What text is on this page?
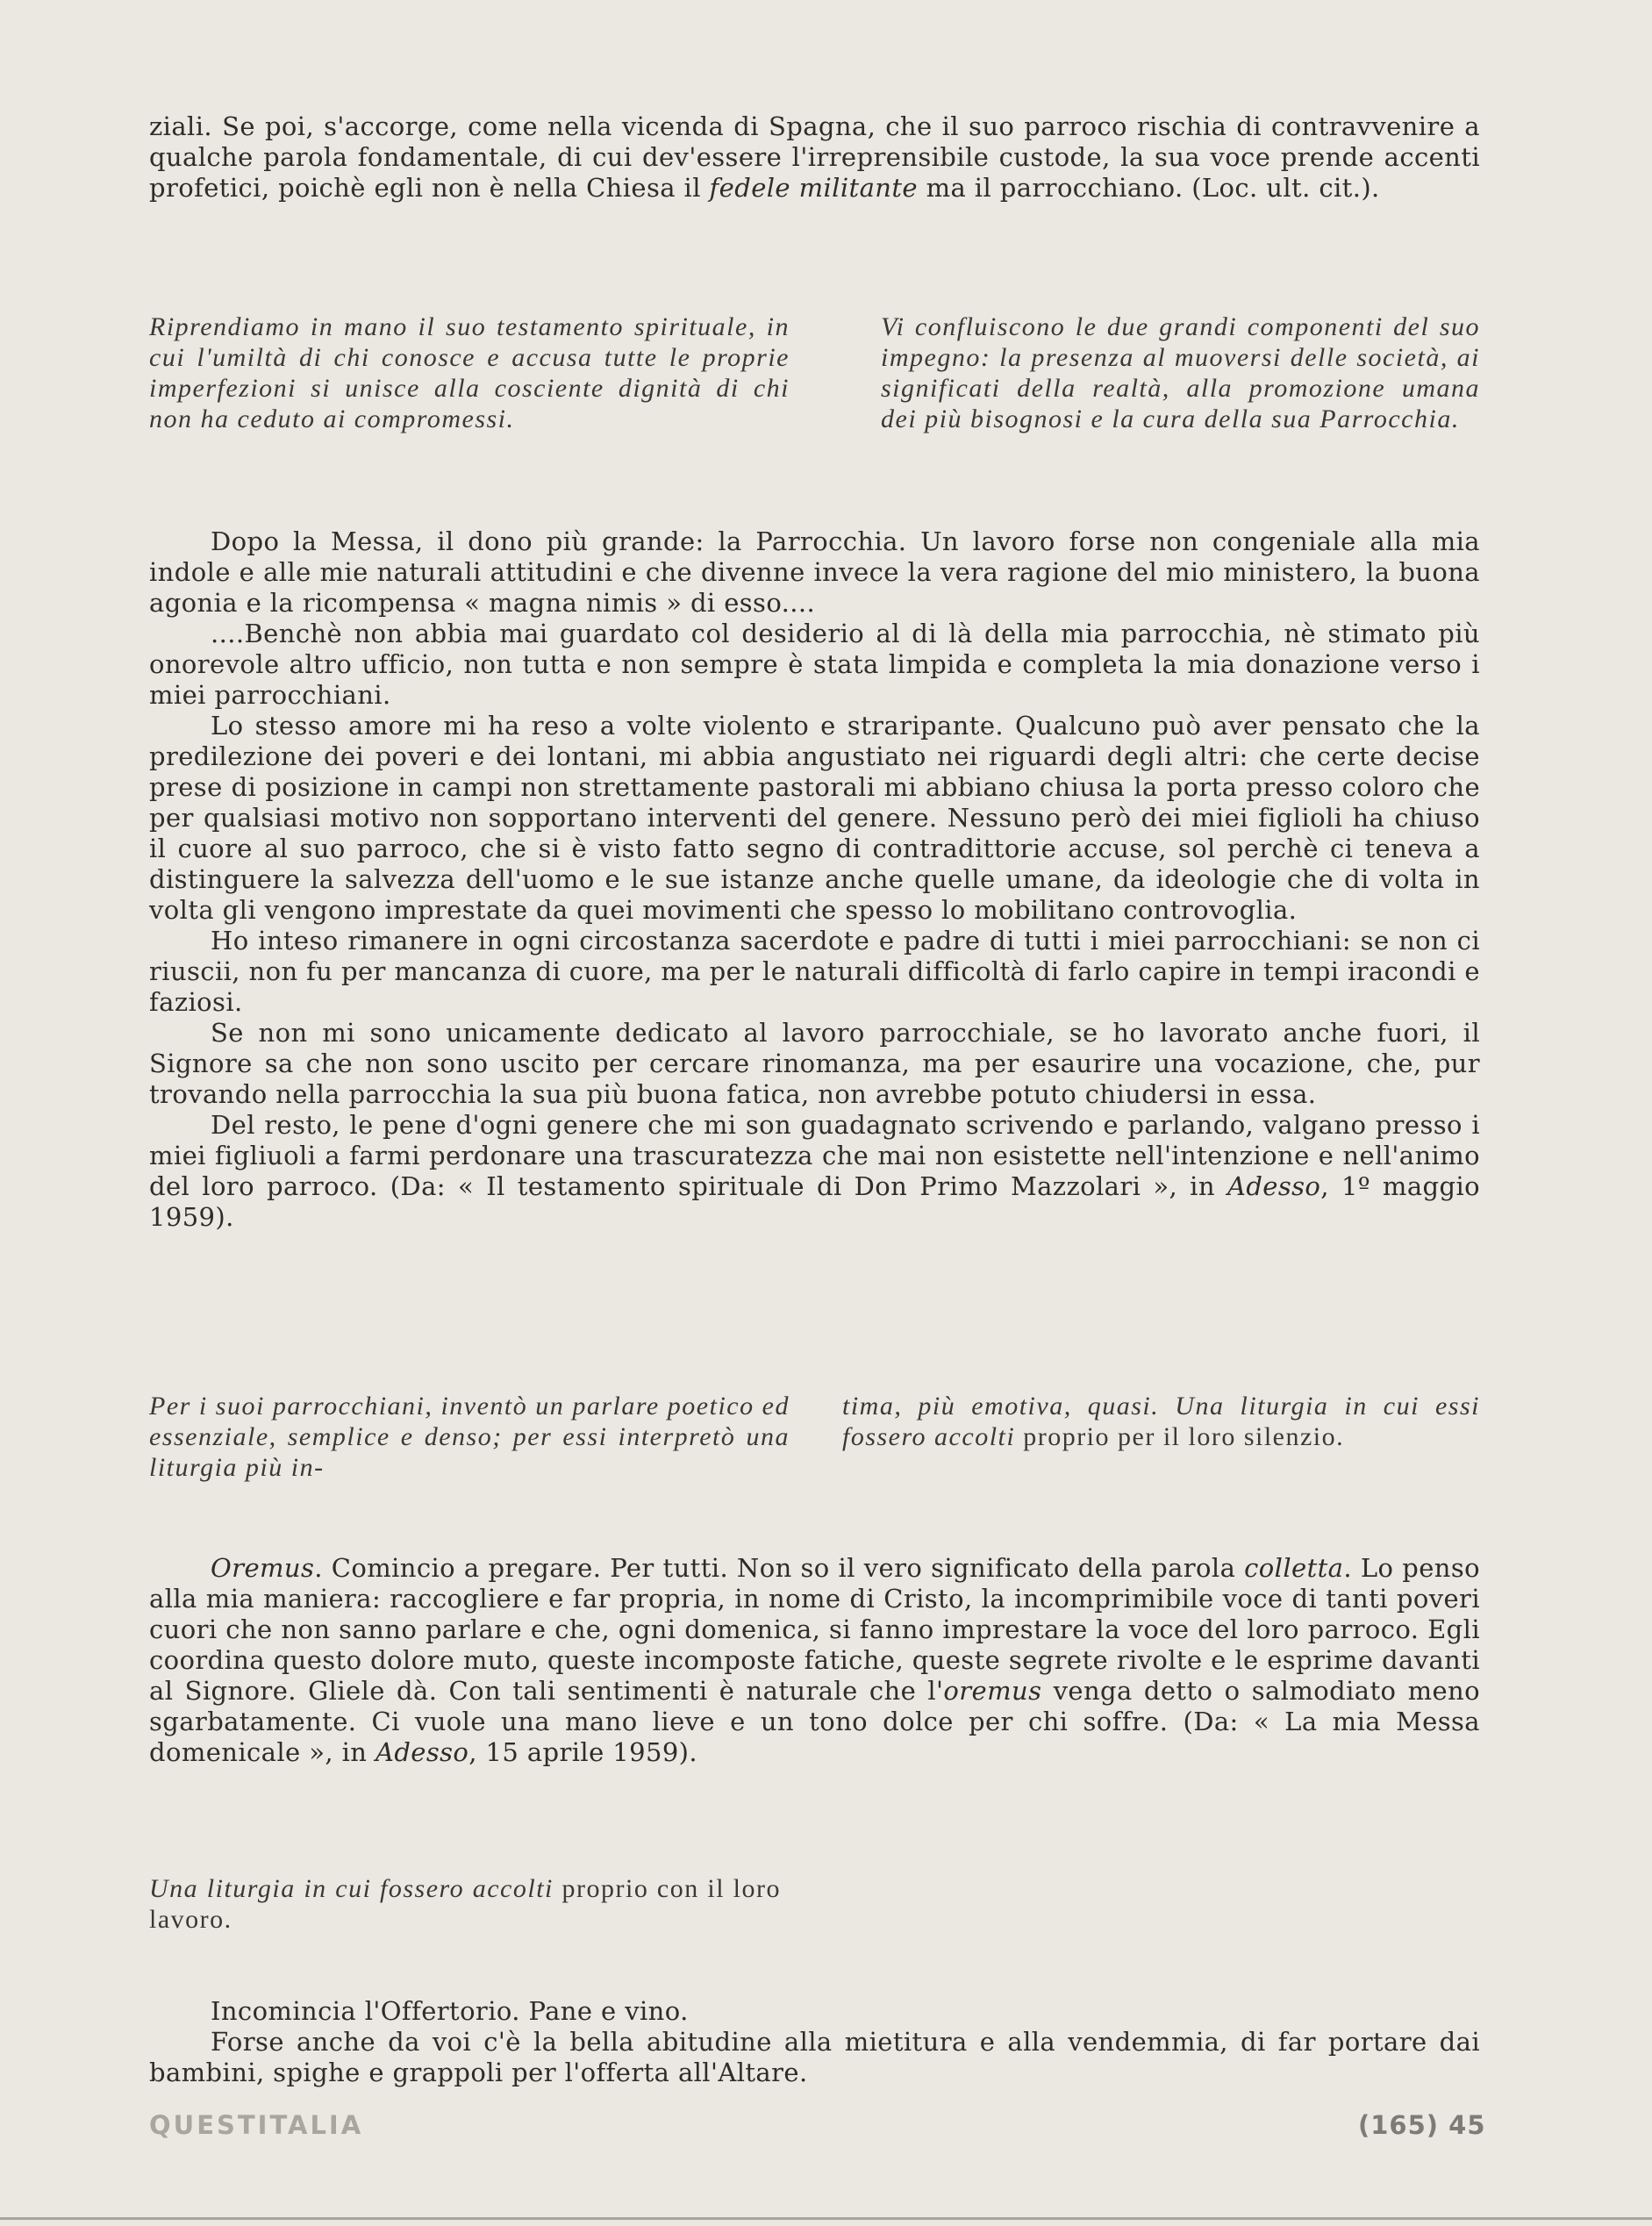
ziali. Se poi, s'accorge, come nella vicenda di Spagna, che il suo parroco rischia di contravvenire a qualche parola fondamentale, di cui dev'essere l'irreprensibile custode, la sua voce prende accenti profetici, poichè egli non è nella Chiesa il fedele militante ma il parrocchiano. (Loc. ult. cit.).

Riprendiamo in mano il suo testamento spirituale, in cui l'umiltà di chi conosce e accusa tutte le proprie imperfezioni si unisce alla cosciente dignità di chi non ha ceduto ai compromessi.

Vi confluiscono le due grandi componenti del suo impegno: la presenza al muoversi delle società, ai significati della realtà, alla promozione umana dei più bisognosi e la cura della sua Parrocchia.

Dopo la Messa, il dono più grande: la Parrocchia. Un lavoro forse non congeniale alla mia indole e alle mie naturali attitudini e che divenne invece la vera ragione del mio ministero, la buona agonia e la ricompensa « magna nimis » di esso....

....Benchè non abbia mai guardato col desiderio al di là della mia parrocchia, nè stimato più onorevole altro ufficio, non tutta e non sempre è stata limpida e completa la mia donazione verso i miei parrocchiani.

Lo stesso amore mi ha reso a volte violento e straripante. Qualcuno può aver pensato che la predilezione dei poveri e dei lontani, mi abbia angustiato nei riguardi degli altri: che certe decise prese di posizione in campi non strettamente pastorali mi abbiano chiusa la porta presso coloro che per qualsiasi motivo non sopportano interventi del genere. Nessuno però dei miei figlioli ha chiuso il cuore al suo parroco, che si è visto fatto segno di contradittorie accuse, sol perchè ci teneva a distinguere la salvezza dell'uomo e le sue istanze anche quelle umane, da ideologie che di volta in volta gli vengono imprestate da quei movimenti che spesso lo mobilitano controvoglia.

Ho inteso rimanere in ogni circostanza sacerdote e padre di tutti i miei parrocchiani: se non ci riuscii, non fu per mancanza di cuore, ma per le naturali difficoltà di farlo capire in tempi iracondi e faziosi.

Se non mi sono unicamente dedicato al lavoro parrocchiale, se ho lavorato anche fuori, il Signore sa che non sono uscito per cercare rinomanza, ma per esaurire una vocazione, che, pur trovando nella parrocchia la sua più buona fatica, non avrebbe potuto chiudersi in essa.

Del resto, le pene d'ogni genere che mi son guadagnato scrivendo e parlando, valgano presso i miei figliuoli a farmi perdonare una trascuratezza che mai non esistette nell'intenzione e nell'animo del loro parroco. (Da: « Il testamento spirituale di Don Primo Mazzolari », in Adesso, 1º maggio 1959).

Per i suoi parrocchiani, inventò un parlare poetico ed essenziale, semplice e denso; per essi interpretò una liturgia più in-

tima, più emotiva, quasi. Una liturgia in cui essi fossero accolti proprio per il loro silenzio.

Oremus. Comincio a pregare. Per tutti. Non so il vero significato della parola colletta. Lo penso alla mia maniera: raccogliere e far propria, in nome di Cristo, la incomprimibile voce di tanti poveri cuori che non sanno parlare e che, ogni domenica, si fanno imprestare la voce del loro parroco. Egli coordina questo dolore muto, queste incomposte fatiche, queste segrete rivolte e le esprime davanti al Signore. Gliele dà. Con tali sentimenti è naturale che l'oremus venga detto o salmodiato meno sgarbatamente. Ci vuole una mano lieve e un tono dolce per chi soffre. (Da: « La mia Messa domenicale », in Adesso, 15 aprile 1959).

Una liturgia in cui fossero accolti proprio con il loro lavoro.

Incomincia l'Offertorio. Pane e vino.

Forse anche da voi c'è la bella abitudine alla mietitura e alla vendemmia, di far portare dai bambini, spighe e grappoli per l'offerta all'Altare.

QUESTITALIA	(165) 45
